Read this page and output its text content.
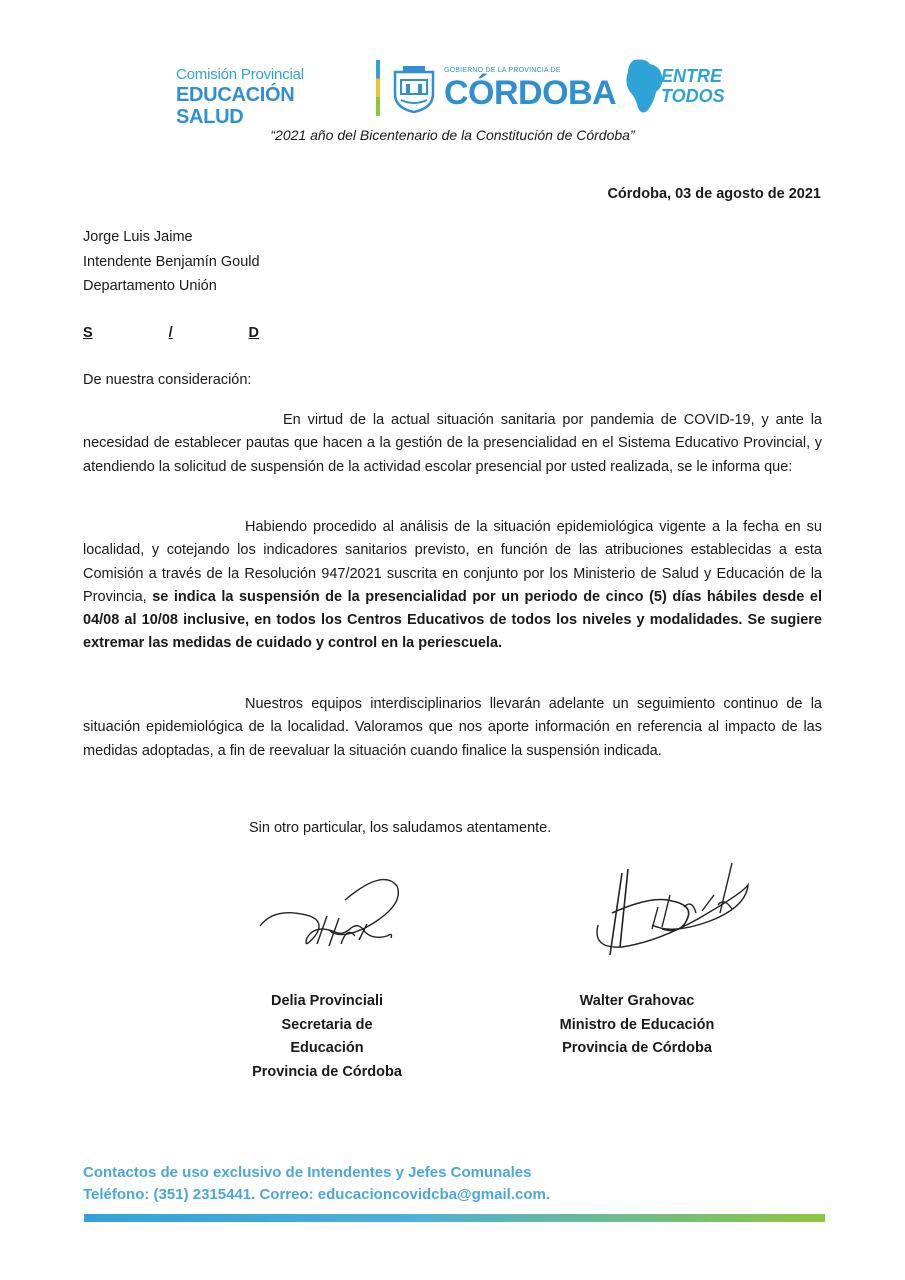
Comisión Provincial
EDUCACIÓN SALUD
GOBIERNO DE LA PROVINCIA DE
CÓRDOBA ENTRE
TODOS
“2021 año del Bicentenario de la Constitución de Córdoba”
Córdoba, 03 de agosto de 2021
Jorge Luis Jaime
Intendente Benjamín Gould
Departamento Unión
S	/	D
De nuestra consideración:

En virtud de la actual situación sanitaria por pandemia de COVID-19, y ante la necesidad de establecer pautas que hacen a la gestión de la presencialidad en el Sistema Educativo Provincial, y atendiendo la solicitud de suspensión de la actividad escolar presencial por usted realizada, se le informa que:

Habiendo procedido al análisis de la situación epidemiológica vigente a la fecha en su localidad, y cotejando los indicadores sanitarios previsto, en función de las atribuciones establecidas a esta Comisión a través de la Resolución 947/2021 suscrita en conjunto por los Ministerio de Salud y Educación de la Provincia, se indica la suspensión de la presencialidad por un periodo de cinco (5) días hábiles desde el 04/08 al 10/08 inclusive, en todos los Centros Educativos de todos los niveles y modalidades. Se sugiere extremar las medidas de cuidado y control en la periescuela.

Nuestros equipos interdisciplinarios llevarán adelante un seguimiento continuo de la situación epidemiológica de la localidad. Valoramos que nos aporte información en referencia al impacto de las medidas adoptadas, a fin de reevaluar la situación cuando finalice la suspensión indicada.

Sin otro particular, los saludamos atentamente.
Delia Provinciali
Secretaria de Educación
Provincia de Córdoba
Walter Grahovac
Ministro de Educación
Provincia de Córdoba
Contactos de uso exclusivo de Intendentes y Jefes Comunales
Teléfono: (351) 2315441. Correo: educacioncovidcba@gmail.com.
